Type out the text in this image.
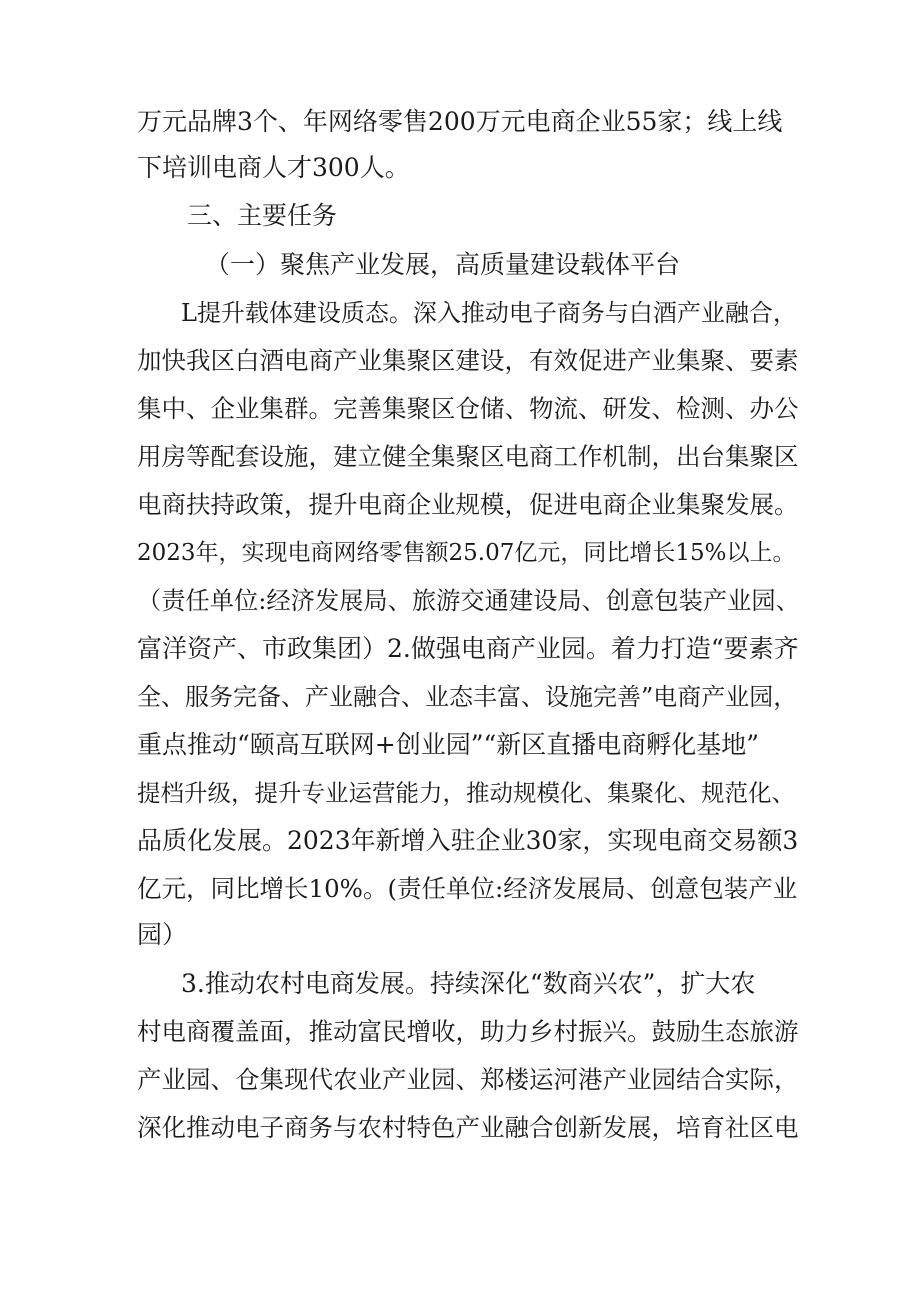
万元品牌3个、年网络零售200万元电商企业55家；线上线
下培训电商人才300人。
三、主要任务
（一）聚焦产业发展，高质量建设载体平台
L提升载体建设质态。深入推动电子商务与白酒产业融合，
加快我区白酒电商产业集聚区建设，有效促进产业集聚、要素
集中、企业集群。完善集聚区仓储、物流、研发、检测、办公
用房等配套设施，建立健全集聚区电商工作机制，出台集聚区
电商扶持政策，提升电商企业规模，促进电商企业集聚发展。
2023年，实现电商网络零售额25.07亿元，同比增长15%以上。
（责任单位:经济发展局、旅游交通建设局、创意包装产业园、
富洋资产、市政集团）2.做强电商产业园。着力打造“要素齐
全、服务完备、产业融合、业态丰富、设施完善”电商产业园，
重点推动“颐高互联网+创业园”“新区直播电商孵化基地”
提档升级，提升专业运营能力，推动规模化、集聚化、规范化、
品质化发展。2023年新增入驻企业30家，实现电商交易额3
亿元，同比增长10%。(责任单位:经济发展局、创意包装产业
园）
3.推动农村电商发展。持续深化“数商兴农”，扩大农
村电商覆盖面，推动富民增收，助力乡村振兴。鼓励生态旅游
产业园、仓集现代农业产业园、郑楼运河港产业园结合实际，
深化推动电子商务与农村特色产业融合创新发展，培育社区电
